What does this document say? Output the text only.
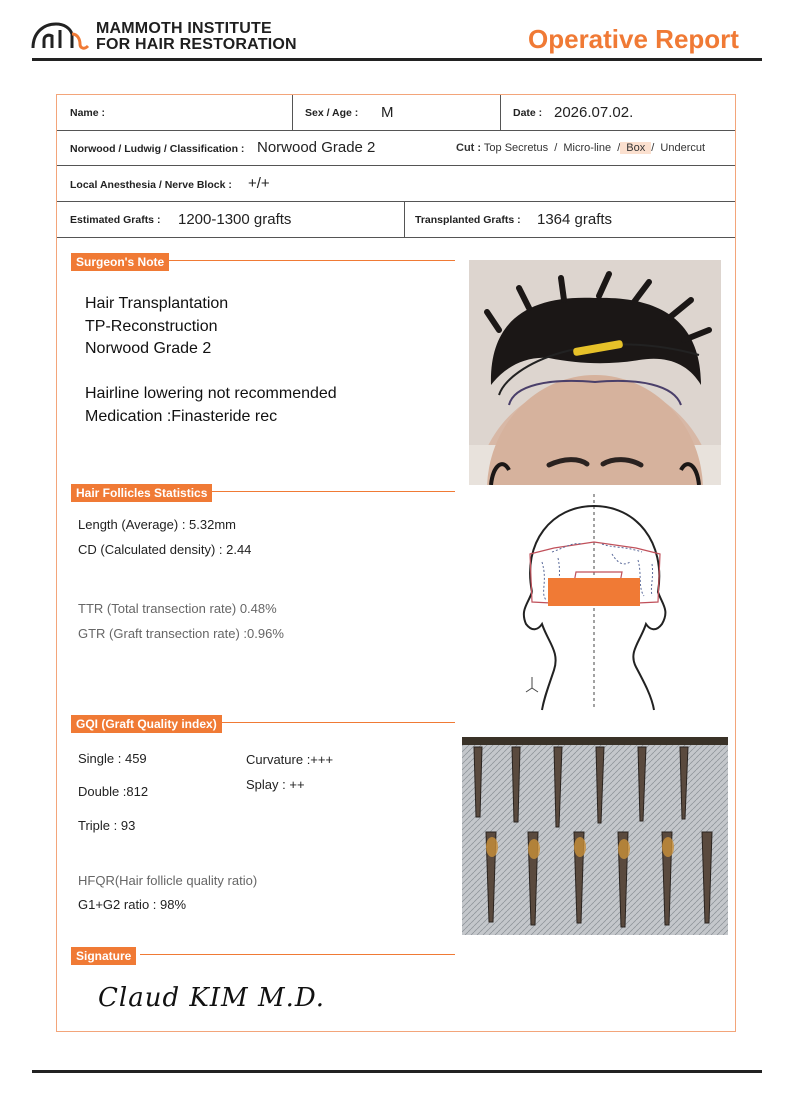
MAMMOTH INSTITUTE
FOR HAIR RESTORATION	Operative Report
Name :	Sex / Age : M	Date : 2026.07.02.
Norwood / Ludwig / Classification : Norwood Grade 2	Cut : Top Secretus  /  Micro-line  / Box /  Undercut
Local Anesthesia / Nerve Block : +/+
Estimated Grafts : 1200-1300 grafts	Transplanted Grafts : 1364 grafts
Surgeon's Note
Hair Transplantation
TP-Reconstruction
Norwood Grade 2
Hairline lowering not recommended
Medication :Finasteride rec
Hair Follicles Statistics
Length (Average) : 5.32mm
CD (Calculated density) : 2.44
TTR (Total transection rate) 0.48%
GTR (Graft transection rate) :0.96%
GQI (Graft Quality index)
Single : 459
Double :812
Triple : 93
Curvature :+++
Splay : ++
HFQR(Hair follicle quality ratio)
G1+G2 ratio : 98%
Signature
Claud KIM M.D.
